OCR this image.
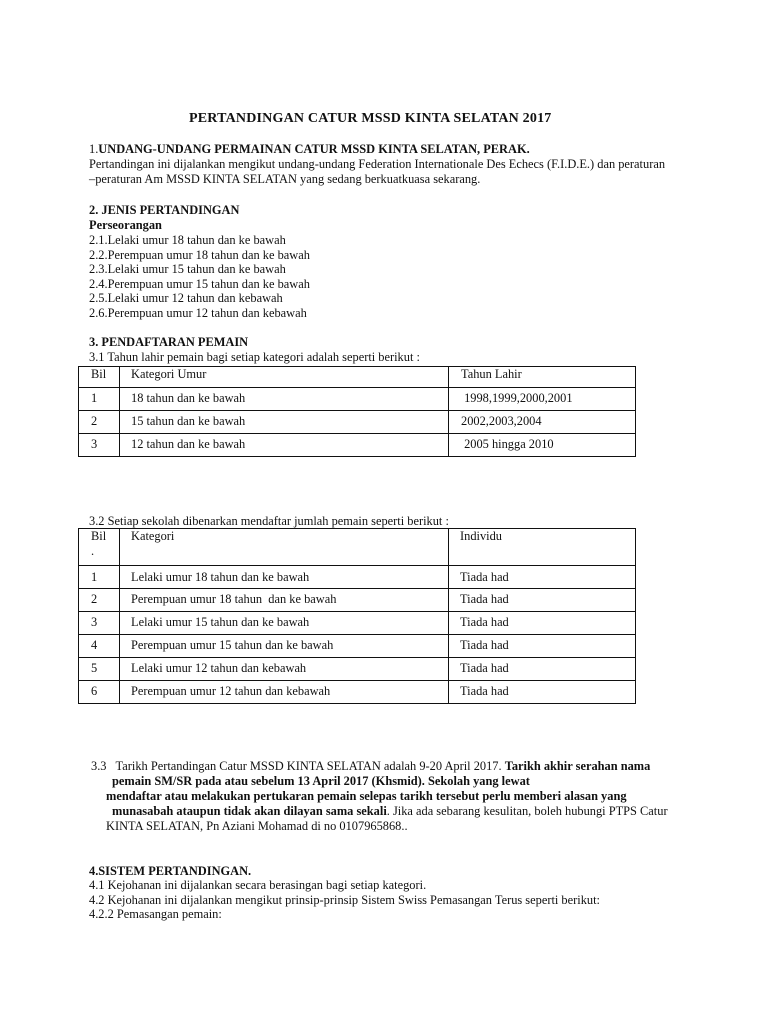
PERTANDINGAN CATUR MSSD KINTA SELATAN 2017
1.UNDANG-UNDANG PERMAINAN CATUR MSSD KINTA SELATAN, PERAK.
Pertandingan ini dijalankan mengikut undang-undang Federation Internationale Des Echecs (F.I.D.E.) dan peraturan
–peraturan Am MSSD KINTA SELATAN yang sedang berkuatkuasa sekarang.
2. JENIS PERTANDINGAN
Perseorangan
2.1.Lelaki umur 18 tahun dan ke bawah
2.2.Perempuan umur 18 tahun dan ke bawah
2.3.Lelaki umur 15 tahun dan ke bawah
2.4.Perempuan umur 15 tahun dan ke bawah
2.5.Lelaki umur 12 tahun dan kebawah
2.6.Perempuan umur 12 tahun dan kebawah
3. PENDAFTARAN PEMAIN
3.1 Tahun lahir pemain bagi setiap kategori adalah seperti berikut :
Bil	Kategori Umur	Tahun Lahir
1	18 tahun dan ke bawah	1998,1999,2000,2001
2	15 tahun dan ke bawah	2002,2003,2004
3	12 tahun dan ke bawah	2005 hingga 2010
3.2 Setiap sekolah dibenarkan mendaftar jumlah pemain seperti berikut :
Bil
.	Kategori	Individu
1	Lelaki umur 18 tahun dan ke bawah	Tiada had
2	Perempuan umur 18 tahun  dan ke bawah	Tiada had
3	Lelaki umur 15 tahun dan ke bawah	Tiada had
4	Perempuan umur 15 tahun dan ke bawah	Tiada had
5	Lelaki umur 12 tahun dan kebawah	Tiada had
6	Perempuan umur 12 tahun dan kebawah	Tiada had
3.3   Tarikh Pertandingan Catur MSSD KINTA SELATAN adalah 9-20 April 2017. Tarikh akhir serahan nama
pemain SM/SR pada atau sebelum 13 April 2017 (Khsmid). Sekolah yang lewat
mendaftar atau melakukan pertukaran pemain selepas tarikh tersebut perlu memberi alasan yang
munasabah ataupun tidak akan dilayan sama sekali. Jika ada sebarang kesulitan, boleh hubungi PTPS Catur
KINTA SELATAN, Pn Aziani Mohamad di no 0107965868..
4.SISTEM PERTANDINGAN.
4.1 Kejohanan ini dijalankan secara berasingan bagi setiap kategori.
4.2 Kejohanan ini dijalankan mengikut prinsip-prinsip Sistem Swiss Pemasangan Terus seperti berikut:
4.2.2 Pemasangan pemain:
